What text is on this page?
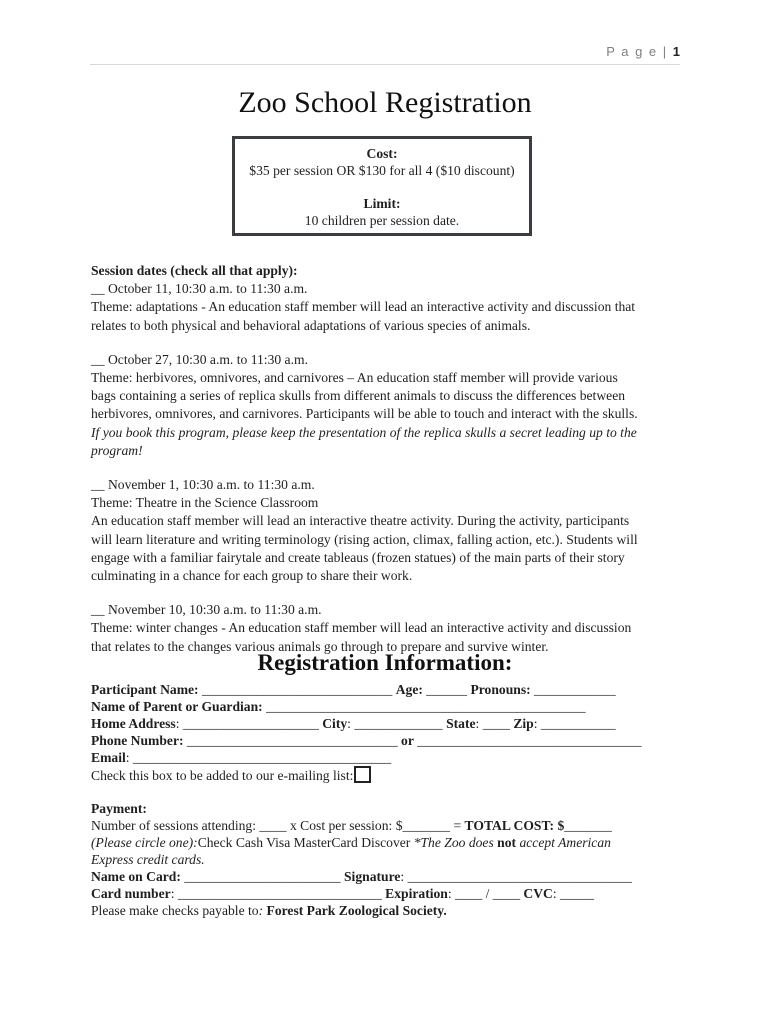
P a g e | 1
Zoo School Registration
Cost:
$35 per session OR $130 for all 4 ($10 discount)
Limit:
10 children per session date.

Session dates (check all that apply):

__ October 11, 10:30 a.m. to 11:30 a.m.

Theme: adaptations - An education staff member will lead an interactive activity and discussion that

relates to both physical and behavioral adaptations of various species of animals.

__ October 27, 10:30 a.m. to 11:30 a.m.

Theme: herbivores, omnivores, and carnivores – An education staff member will provide various

bags containing a series of replica skulls from different animals to discuss the differences between

herbivores, omnivores, and carnivores. Participants will be able to touch and interact with the skulls.

If you book this program, please keep the presentation of the replica skulls a secret leading up to the program!

__ November 1, 10:30 a.m. to 11:30 a.m.

Theme: Theatre in the Science Classroom

An education staff member will lead an interactive theatre activity. During the activity, participants

will learn literature and writing terminology (rising action, climax, falling action, etc.). Students will

engage with a familiar fairytale and create tableaus (frozen statues) of the main parts of their story

culminating in a chance for each group to share their work.

__ November 10, 10:30 a.m. to 11:30 a.m.

Theme: winter changes - An education staff member will lead an interactive activity and discussion

that relates to the changes various animals go through to prepare and survive winter.

Registration Information:

Participant Name: ____________________________ Age: ______ Pronouns: ____________

Name of Parent or Guardian: _______________________________________________

Home Address: ____________________ City: _____________ State: ____ Zip: ___________

Phone Number: _______________________________ or _________________________________

Email: ______________________________________

Check this box to be added to our e-mailing list:

Payment:

Number of sessions attending: ____ x Cost per session: $_______ = TOTAL COST: $_______

(Please circle one):Check Cash Visa MasterCard Discover *The Zoo does not accept American

Express credit cards.

Name on Card: _______________________ Signature: _________________________________

Card number: ______________________________ Expiration: ____ / ____ CVC: _____

Please make checks payable to: Forest Park Zoological Society.
